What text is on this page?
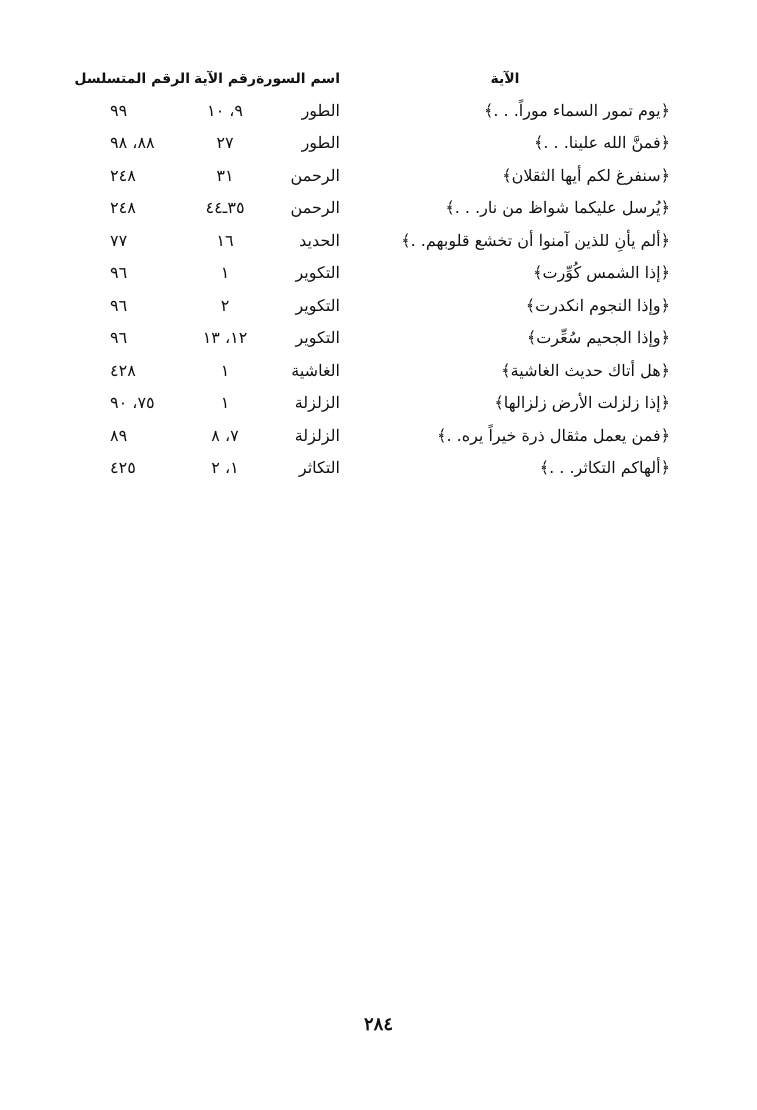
الآية	اسم السورة	رقم الآية	الرقم المتسلسل
﴿يوم تمور السماء موراً. . .﴾	الطور	٩، ١٠	٩٩
﴿فمنَّ الله علينا. . .﴾	الطور	٢٧	٨٨، ٩٨
﴿سنفرغ لكم أيها الثقلان﴾	الرحمن	٣١	٢٤٨
﴿يُرسل عليكما شواظ من نار. . .﴾	الرحمن	٣٥ـ٤٤	٢٤٨
﴿ألم يأنِ للذين آمنوا أن تخشع قلوبهم. .﴾	الحديد	١٦	٧٧
﴿إذا الشمس كُوِّرت﴾	التكوير	١	٩٦
﴿وإذا النجوم انكدرت﴾	التكوير	٢	٩٦
﴿وإذا الجحيم سُعِّرت﴾	التكوير	١٢، ١٣	٩٦
﴿هل أتاك حديث الغاشية﴾	الغاشية	١	٤٢٨
﴿إذا زلزلت الأرض زلزالها﴾	الزلزلة	١	٧٥، ٩٠
﴿فمن يعمل مثقال ذرة خيراً يره. .﴾	الزلزلة	٧، ٨	٨٩
﴿ألهاكم التكاثر. . .﴾	التكاثر	١، ٢	٤٢٥
٢٨٤
